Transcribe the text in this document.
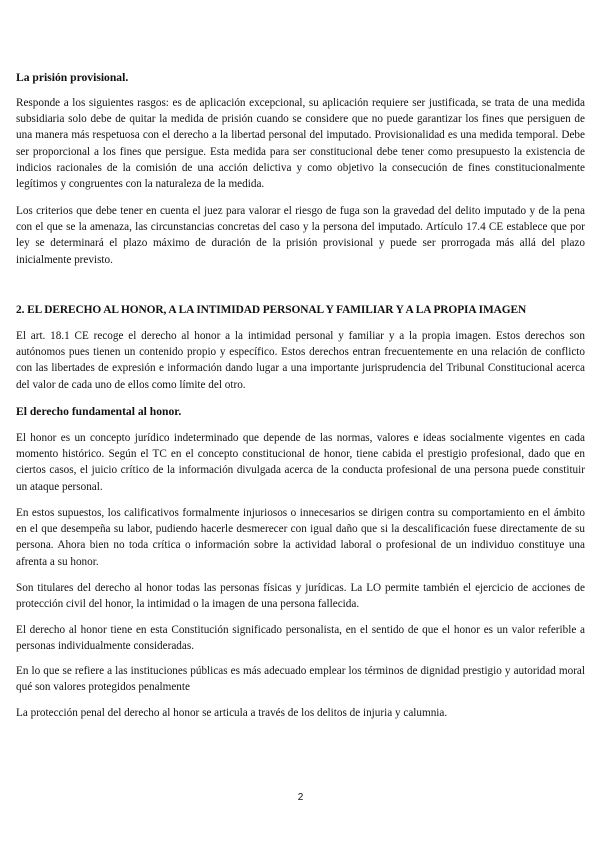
La prisión provisional.

Responde a los siguientes rasgos: es de aplicación excepcional, su aplicación requiere ser justificada, se trata de una medida subsidiaria solo debe de quitar la medida de prisión cuando se considere que no puede garantizar los fines que persiguen de una manera más respetuosa con el derecho a la libertad personal del imputado. Provisionalidad es una medida temporal. Debe ser proporcional a los fines que persigue. Esta medida para ser constitucional debe tener como presupuesto la existencia de indicios racionales de la comisión de una acción delictiva y como objetivo la consecución de fines constitucionalmente legítimos y congruentes con la naturaleza de la medida.

Los criterios que debe tener en cuenta el juez para valorar el riesgo de fuga son la gravedad del delito imputado y de la pena con el que se la amenaza, las circunstancias concretas del caso y la persona del imputado. Artículo 17.4 CE establece que por ley se determinará el plazo máximo de duración de la prisión provisional y puede ser prorrogada más allá del plazo inicialmente previsto.

2. EL DERECHO AL HONOR, A LA INTIMIDAD PERSONAL Y FAMILIAR Y A LA PROPIA IMAGEN

El art. 18.1 CE recoge el derecho al honor a la intimidad personal y familiar y a la propia imagen. Estos derechos son autónomos pues tienen un contenido propio y específico. Estos derechos entran frecuentemente en una relación de conflicto con las libertades de expresión e información dando lugar a una importante jurisprudencia del Tribunal Constitucional acerca del valor de cada uno de ellos como límite del otro.

El derecho fundamental al honor.

El honor es un concepto jurídico indeterminado que depende de las normas, valores e ideas socialmente vigentes en cada momento histórico. Según el TC en el concepto constitucional de honor, tiene cabida el prestigio profesional, dado que en ciertos casos, el juicio crítico de la información divulgada acerca de la conducta profesional de una persona puede constituir un ataque personal.

En estos supuestos, los calificativos formalmente injuriosos o innecesarios se dirigen contra su comportamiento en el ámbito en el que desempeña su labor, pudiendo hacerle desmerecer con igual daño que si la descalificación fuese directamente de su persona. Ahora bien no toda crítica o información sobre la actividad laboral o profesional de un individuo constituye una afrenta a su honor.

Son titulares del derecho al honor todas las personas físicas y jurídicas. La LO permite también el ejercicio de acciones de protección civil del honor, la intimidad o la imagen de una persona fallecida.

El derecho al honor tiene en esta Constitución significado personalista, en el sentido de que el honor es un valor referible a personas individualmente consideradas.

En lo que se refiere a las instituciones públicas es más adecuado emplear los términos de dignidad prestigio y autoridad moral qué son valores protegidos penalmente

La protección penal del derecho al honor se articula a través de los delitos de injuria y calumnia.

2
